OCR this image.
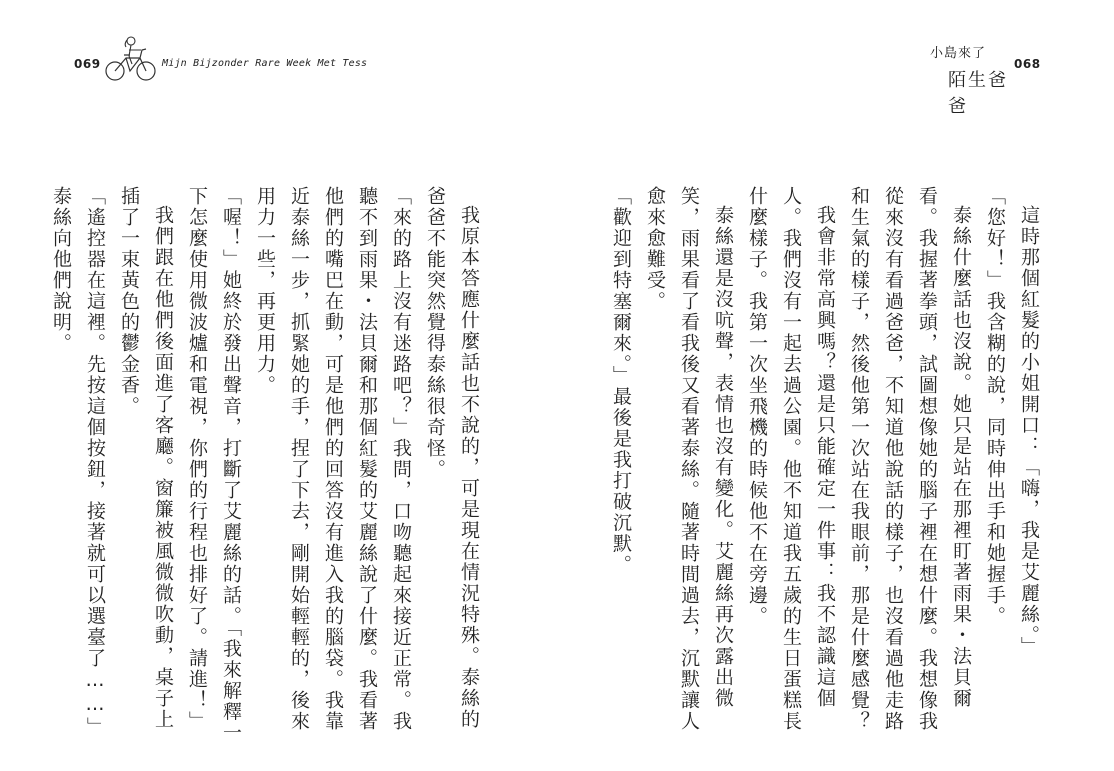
069	Mijn Bijzonder Rare Week Met Tess
小島來了
陌生爸爸
068

這時那個紅髮的小姐開口：「嗨，我是艾麗絲。」

「您好！」我含糊的說，同時伸出手和她握手。

泰絲什麼話也沒說。她只是站在那裡盯著雨果・法貝爾看。我握著拳頭，試圖想像她的腦子裡在想什麼。我想像我從來沒有看過爸爸，不知道他說話的樣子，也沒看過他走路和生氣的樣子，然後他第一次站在我眼前，那是什麼感覺？

我會非常高興嗎？還是只能確定一件事：我不認識這個人。我們沒有一起去過公園。他不知道我五歲的生日蛋糕長什麼樣子。我第一次坐飛機的時候他不在旁邊。

泰絲還是沒吭聲，表情也沒有變化。艾麗絲再次露出微笑，雨果看了看我後又看著泰絲。隨著時間過去，沉默讓人愈來愈難受。

「歡迎到特塞爾來。」最後是我打破沉默。

我原本答應什麼話也不說的，可是現在情況特殊。泰絲的爸爸不能突然覺得泰絲很奇怪。

「來的路上沒有迷路吧？」我問，口吻聽起來接近正常。我聽不到雨果・法貝爾和那個紅髮的艾麗絲說了什麼。我看著他們的嘴巴在動，可是他們的回答沒有進入我的腦袋。我靠近泰絲一步，抓緊她的手，捏了下去，剛開始輕輕的，後來用力一些，再更用力。

「喔！」她終於發出聲音，打斷了艾麗絲的話。「我來解釋一下怎麼使用微波爐和電視，你們的行程也排好了。請進！」

我們跟在他們後面進了客廳。窗簾被風微微吹動，桌子上插了一束黃色的鬱金香。

「遙控器在這裡。先按這個按鈕，接著就可以選臺了……」泰絲向他們說明。
